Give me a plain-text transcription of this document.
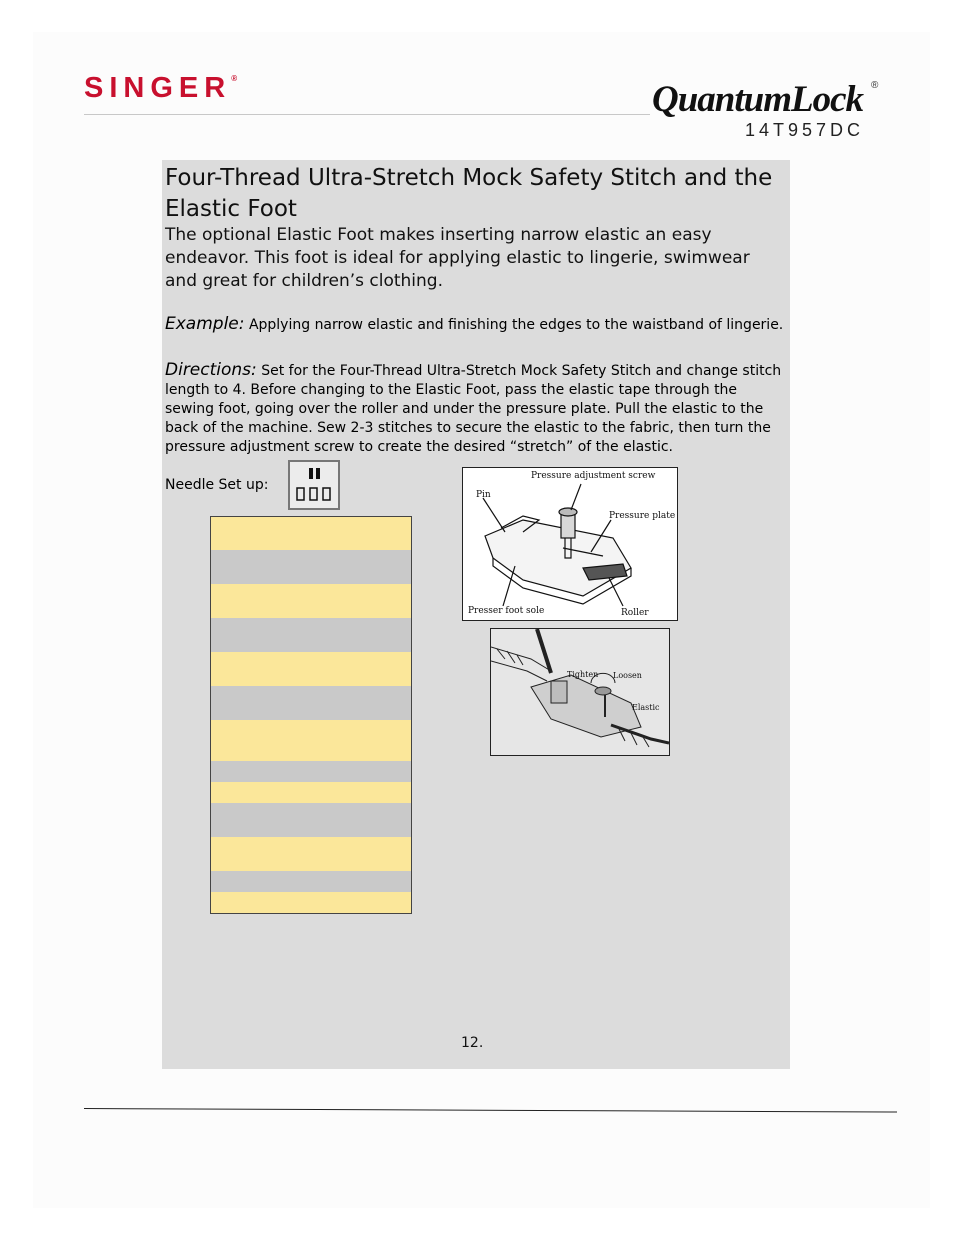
SINGER®
QuantumLock ®
14T957DC
Four-Thread Ultra-Stretch Mock Safety Stitch and the Elastic Foot

The optional Elastic Foot makes inserting narrow elastic an easy endeavor. This foot is ideal for applying elastic to lingerie, swimwear and great for children’s clothing.

Example: Applying narrow elastic and finishing the edges to the waistband of lingerie.

Directions: Set for the Four-Thread Ultra-Stretch Mock Safety Stitch and change stitch length to 4. Before changing to the Elastic Foot, pass the elastic tape through the sewing foot, going over the roller and under the pressure plate. Pull the elastic to the back of the machine. Sew 2-3 stitches to secure the elastic to the fabric, then turn the pressure adjustment screw to create the desired “stretch” of the elastic.

Needle Set up:
Pressure adjustment screw
Pin
Pressure plate
Presser foot sole	Roller
Tighten Loosen
Elastic
12.
